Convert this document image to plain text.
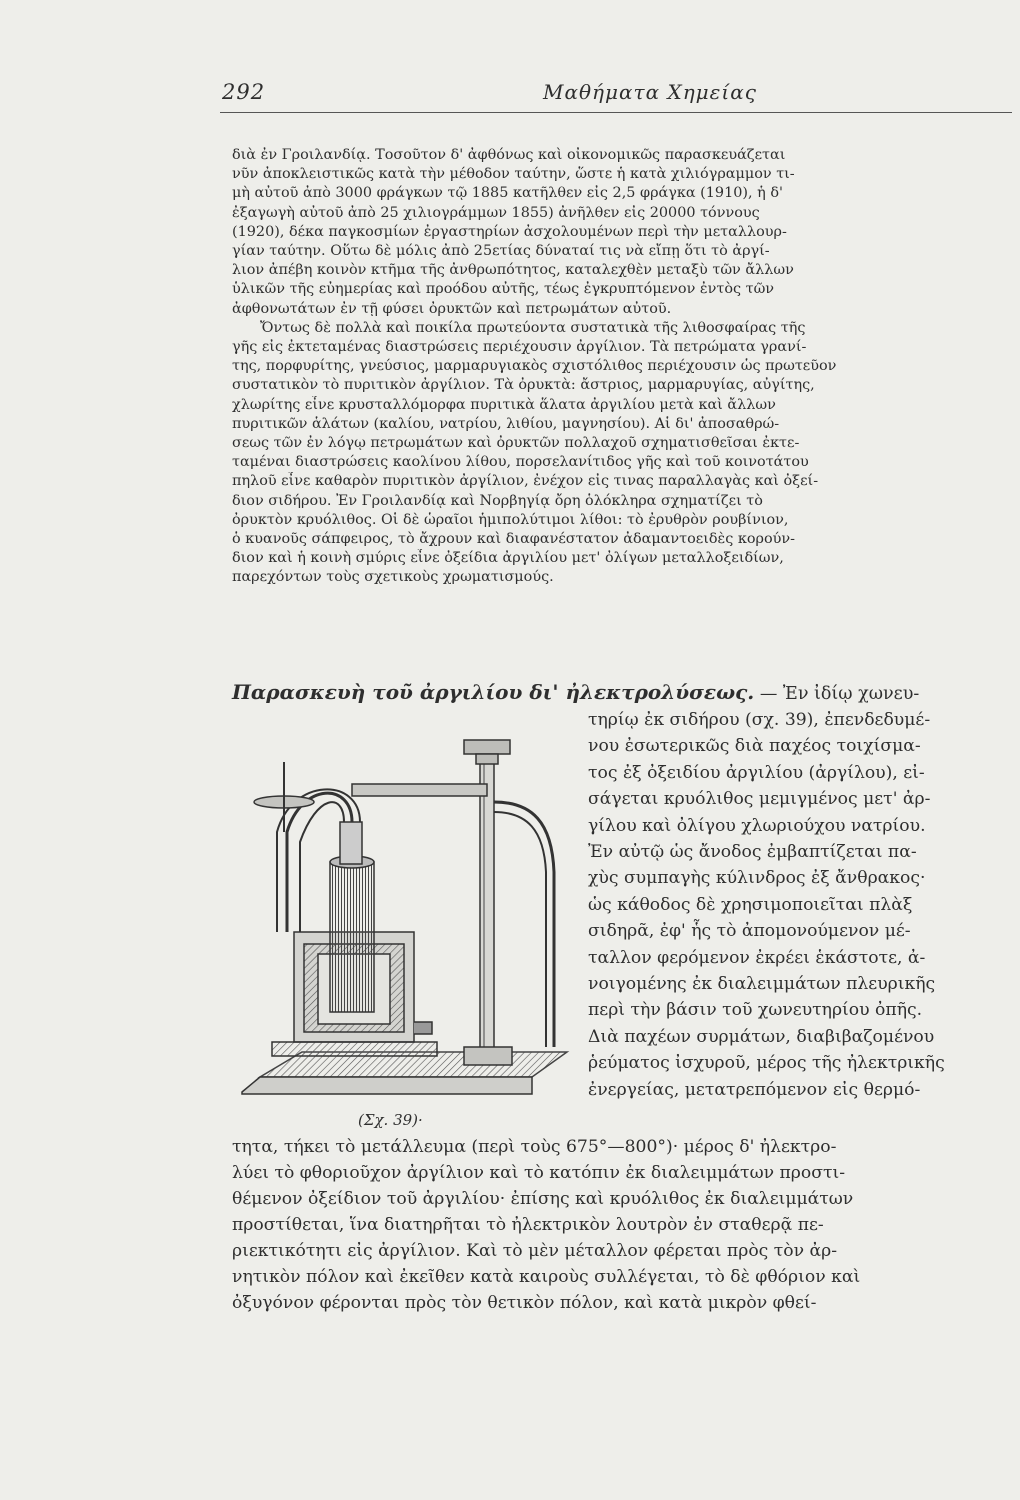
292	Μαθήματα Χημείας
διὰ ἐν Γροιλανδίᾳ. Τοσοῦτον δ' ἀφθόνως καὶ οἰκονομικῶς παρασκευάζεται
νῦν ἀποκλειστικῶς κατὰ τὴν μέθοδον ταύτην, ὥστε ἡ κατὰ χιλιόγραμμον τι-
μὴ αὐτοῦ ἀπὸ 3000 φράγκων τῷ 1885 κατῆλθεν εἰς 2,5 φράγκα (1910), ἡ δ'
ἐξαγωγὴ αὐτοῦ ἀπὸ 25 χιλιογράμμων 1855) ἀνῆλθεν εἰς 20000 τόννους
(1920), δέκα παγκοσμίων ἐργαστηρίων ἀσχολουμένων περὶ τὴν μεταλλουρ-
γίαν ταύτην. Οὕτω δὲ μόλις ἀπὸ 25ετίας δύναταί τις νὰ εἴπῃ ὅτι τὸ ἀργί-
λιον ἀπέβη κοινὸν κτῆμα τῆς ἀνθρωπότητος, καταλεχθὲν μεταξὺ τῶν ἄλλων
ὑλικῶν τῆς εὐημερίας καὶ προόδου αὐτῆς, τέως ἐγκρυπτόμενον ἐντὸς τῶν
ἀφθονωτάτων ἐν τῇ φύσει ὀρυκτῶν καὶ πετρωμάτων αὐτοῦ.
Ὄντως δὲ πολλὰ καὶ ποικίλα πρωτεύοντα συστατικὰ τῆς λιθοσφαίρας τῆς
γῆς εἰς ἐκτεταμένας διαστρώσεις περιέχουσιν ἀργίλιον. Τὰ πετρώματα γρανί-
της, πορφυρίτης, γνεύσιος, μαρμαρυγιακὸς σχιστόλιθος περιέχουσιν ὡς πρωτεῦον
συστατικὸν τὸ πυριτικὸν ἀργίλιον. Τὰ ὀρυκτὰ: ἄστριος, μαρμαρυγίας, αὐγίτης,
χλωρίτης εἶνε κρυσταλλόμορφα πυριτικὰ ἅλατα ἀργιλίου μετὰ καὶ ἄλλων
πυριτικῶν ἁλάτων (καλίου, νατρίου, λιθίου, μαγνησίου). Αἱ δι' ἀποσαθρώ-
σεως τῶν ἐν λόγῳ πετρωμάτων καὶ ὀρυκτῶν πολλαχοῦ σχηματισθεῖσαι ἐκτε-
ταμέναι διαστρώσεις καολίνου λίθου, πορσελανίτιδος γῆς καὶ τοῦ κοινοτάτου
πηλοῦ εἶνε καθαρὸν πυριτικὸν ἀργίλιον, ἐνέχον εἰς τινας παραλλαγὰς καὶ ὀξεί-
διον σιδήρου. Ἐν Γροιλανδίᾳ καὶ Νορβηγίᾳ ὄρη ὁλόκληρα σχηματίζει τὸ
ὀρυκτὸν κρυόλιθος. Οἱ δὲ ὡραῖοι ἡμιπολύτιμοι λίθοι: τὸ ἐρυθρὸν ρουβίνιον,
ὁ κυανοῦς σάπφειρος, τὸ ἄχρουν καὶ διαφανέστατον ἀδαμαντοειδὲς κορούν-
διον καὶ ἡ κοινὴ σμύρις εἶνε ὀξείδια ἀργιλίου μετ' ὀλίγων μεταλλοξειδίων,
παρεχόντων τοὺς σχετικοὺς χρωματισμούς.
Παρασκευὴ τοῦ ἀργιλίου δι' ἠλεκτρολύσεως. — Ἐν ἰδίῳ χωνευ-
τηρίῳ ἐκ σιδήρου (σχ. 39), ἐπενδεδυμέ-
νου ἐσωτερικῶς διὰ παχέος τοιχίσμα-
τος ἐξ ὀξειδίου ἀργιλίου (ἀργίλου), εἰ-
σάγεται κρυόλιθος μεμιγμένος μετ' ἀρ-
γίλου καὶ ὀλίγου χλωριούχου νατρίου.
Ἐν αὐτῷ ὡς ἄνοδος ἐμβαπτίζεται πα-
χὺς συμπαγὴς κύλινδρος ἐξ ἄνθρακος·
ὡς κάθοδος δὲ χρησιμοποιεῖται πλὰξ
σιδηρᾶ, ἐφ' ἧς τὸ ἀπομονούμενον μέ-
ταλλον φερόμενον ἐκρέει ἑκάστοτε, ἀ-
νοιγομένης ἐκ διαλειμμάτων πλευρικῆς
περὶ τὴν βάσιν τοῦ χωνευτηρίου ὀπῆς.
Διὰ παχέων συρμάτων, διαβιβαζομένου
ῥεύματος ἰσχυροῦ, μέρος τῆς ἠλεκτρικῆς
ἐνεργείας, μετατρεπόμενον εἰς θερμό-
(Σχ. 39)·
τητα, τήκει τὸ μετάλλευμα (περὶ τοὺς 675°—800°)· μέρος δ' ἠλεκτρο-
λύει τὸ φθοριοῦχον ἀργίλιον καὶ τὸ κατόπιν ἐκ διαλειμμάτων προστι-
θέμενον ὀξείδιον τοῦ ἀργιλίου· ἐπίσης καὶ κρυόλιθος ἐκ διαλειμμάτων
προστίθεται, ἵνα διατηρῆται τὸ ἠλεκτρικὸν λουτρὸν ἐν σταθερᾷ πε-
ριεκτικότητι εἰς ἀργίλιον. Καὶ τὸ μὲν μέταλλον φέρεται πρὸς τὸν ἀρ-
νητικὸν πόλον καὶ ἐκεῖθεν κατὰ καιροὺς συλλέγεται, τὸ δὲ φθόριον καὶ
ὀξυγόνον φέρονται πρὸς τὸν θετικὸν πόλον, καὶ κατὰ μικρὸν φθεί-
